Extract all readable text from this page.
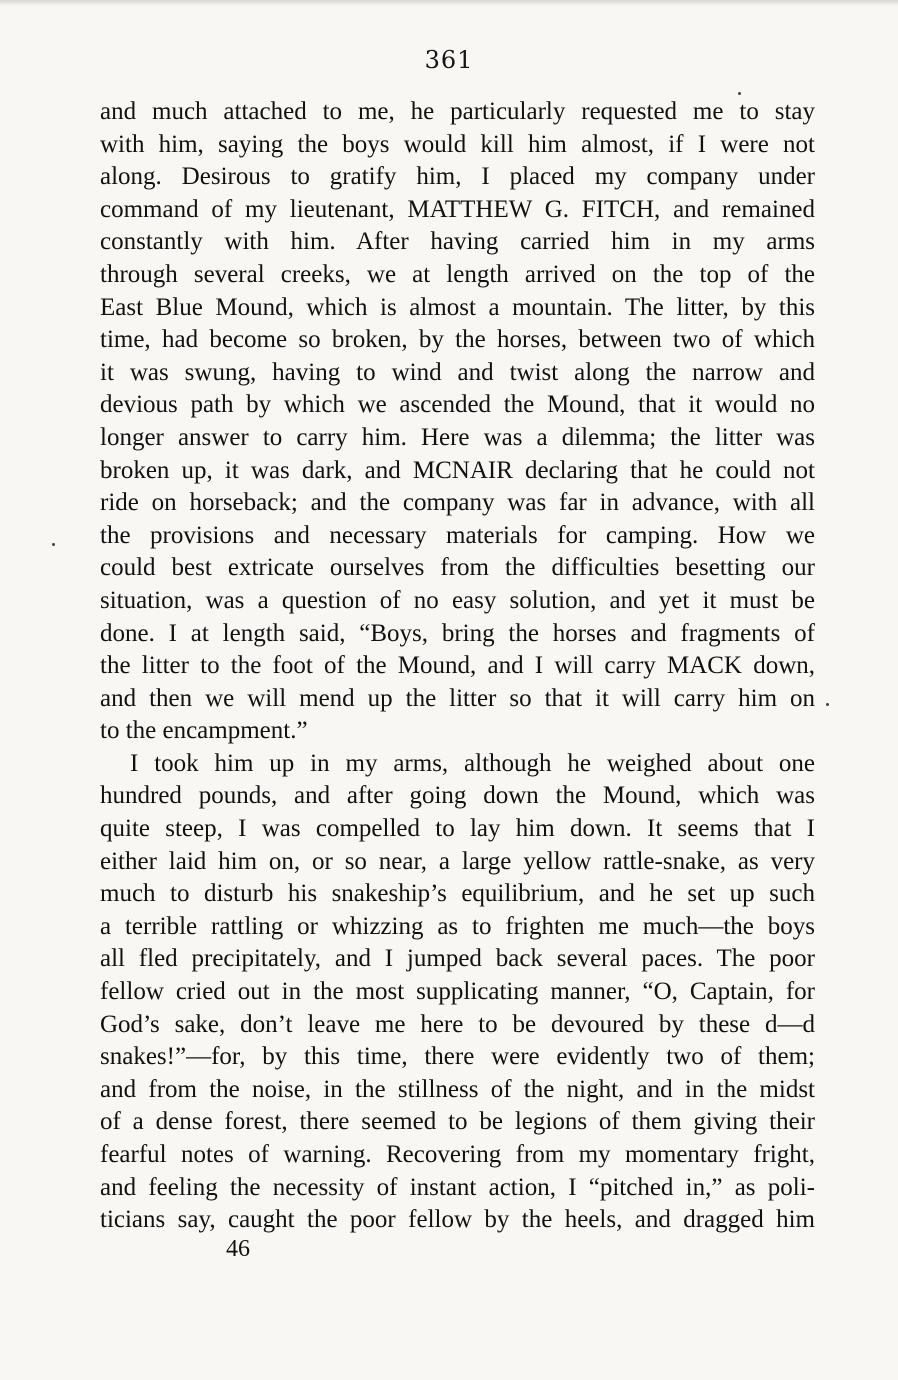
361
and much attached to me, he particularly requested me to stay
with him, saying the boys would kill him almost, if I were not
along. Desirous to gratify him, I placed my company under
command of my lieutenant, MATTHEW G. FITCH, and remained
constantly with him. After having carried him in my arms
through several creeks, we at length arrived on the top of the
East Blue Mound, which is almost a mountain. The litter, by this
time, had become so broken, by the horses, between two of which
it was swung, having to wind and twist along the narrow and
devious path by which we ascended the Mound, that it would no
longer answer to carry him. Here was a dilemma; the litter was
broken up, it was dark, and MCNAIR declaring that he could not
ride on horseback; and the company was far in advance, with all
the provisions and necessary materials for camping. How we
could best extricate ourselves from the difficulties besetting our
situation, was a question of no easy solution, and yet it must be
done. I at length said, “Boys, bring the horses and fragments of
the litter to the foot of the Mound, and I will carry MACK down,
and then we will mend up the litter so that it will carry him on
to the encampment.”
I took him up in my arms, although he weighed about one
hundred pounds, and after going down the Mound, which was
quite steep, I was compelled to lay him down. It seems that I
either laid him on, or so near, a large yellow rattle-snake, as very
much to disturb his snakeship’s equilibrium, and he set up such
a terrible rattling or whizzing as to frighten me much—the boys
all fled precipitately, and I jumped back several paces. The poor
fellow cried out in the most supplicating manner, “O, Captain, for
God’s sake, don’t leave me here to be devoured by these d—d
snakes!”—for, by this time, there were evidently two of them;
and from the noise, in the stillness of the night, and in the midst
of a dense forest, there seemed to be legions of them giving their
fearful notes of warning. Recovering from my momentary fright,
and feeling the necessity of instant action, I “pitched in,” as poli-
ticians say, caught the poor fellow by the heels, and dragged him
46
